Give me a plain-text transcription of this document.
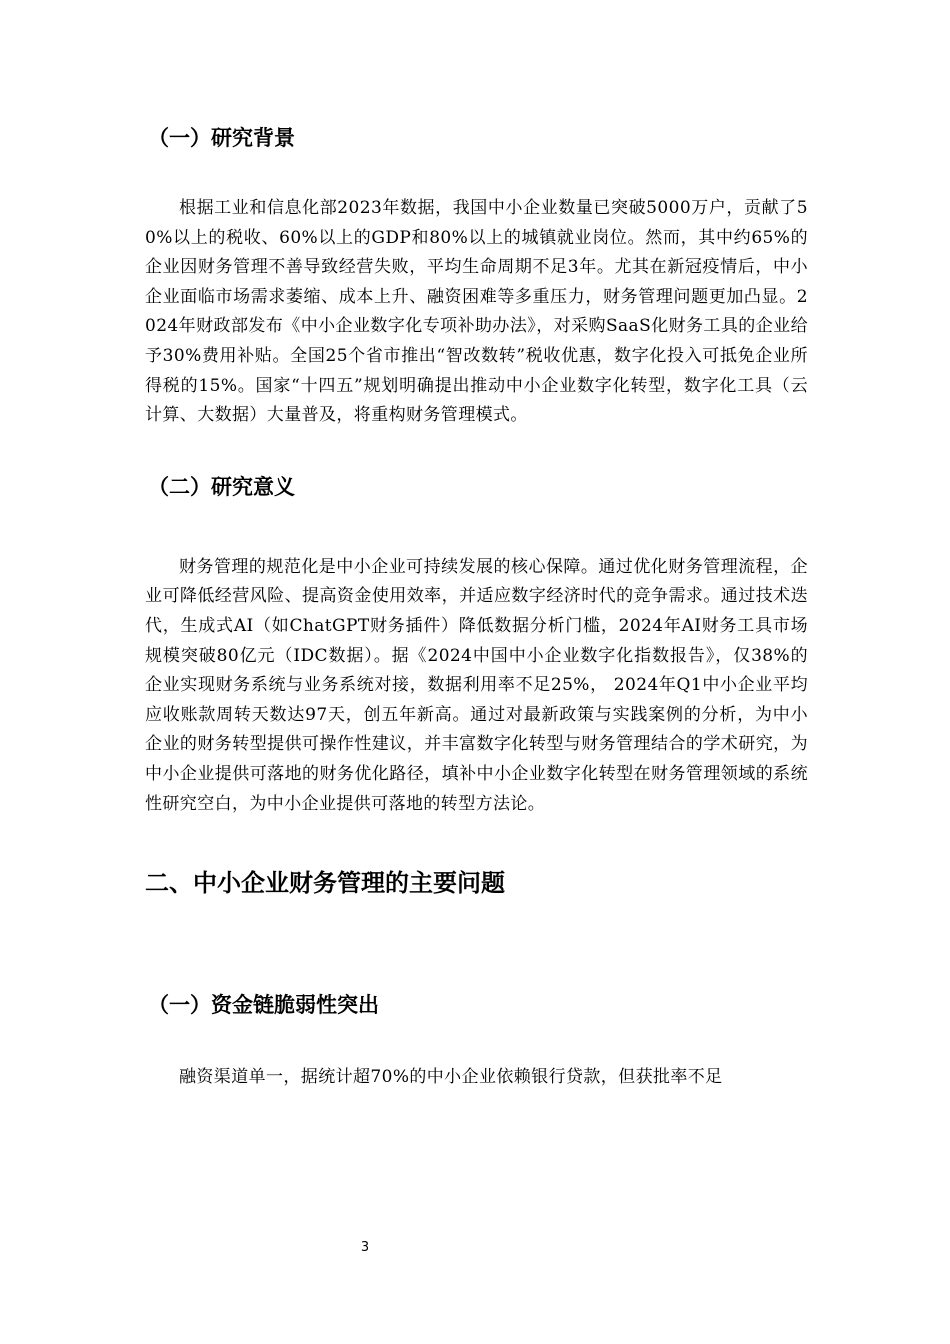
（一）研究背景

根据工业和信息化部2023年数据，我国中小企业数量已突破5000万户，贡献了50%以上的税收、60%以上的GDP和80%以上的城镇就业岗位。然而，其中约65%的企业因财务管理不善导致经营失败，平均生命周期不足3年。尤其在新冠疫情后，中小企业面临市场需求萎缩、成本上升、融资困难等多重压力，财务管理问题更加凸显。2024年财政部发布《中小企业数字化专项补助办法》，对采购SaaS化财务工具的企业给予30%费用补贴。全国25个省市推出“智改数转”税收优惠，数字化投入可抵免企业所得税的15%。国家“十四五”规划明确提出推动中小企业数字化转型，数字化工具（云计算、大数据）大量普及，将重构财务管理模式。

（二）研究意义

财务管理的规范化是中小企业可持续发展的核心保障。通过优化财务管理流程，企业可降低经营风险、提高资金使用效率，并适应数字经济时代的竞争需求。通过技术迭代，生成式AI（如ChatGPT财务插件）降低数据分析门槛，2024年AI财务工具市场规模突破80亿元（IDC数据）。据《2024中国中小企业数字化指数报告》，仅38%的企业实现财务系统与业务系统对接，数据利用率不足25%， 2024年Q1中小企业平均应收账款周转天数达97天，创五年新高。通过对最新政策与实践案例的分析，为中小企业的财务转型提供可操作性建议，并丰富数字化转型与财务管理结合的学术研究，为中小企业提供可落地的财务优化路径，填补中小企业数字化转型在财务管理领域的系统性研究空白，为中小企业提供可落地的转型方法论。

二、中小企业财务管理的主要问题
（一）资金链脆弱性突出

融资渠道单一，据统计超70%的中小企业依赖银行贷款，但获批率不足

3
